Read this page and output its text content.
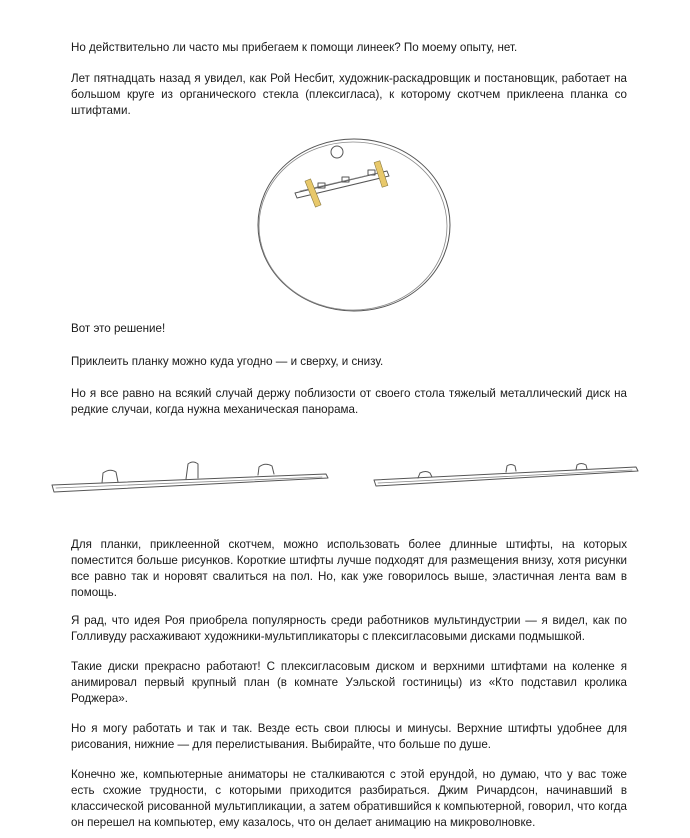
Но действительно ли часто мы прибегаем к помощи линеек? По моему опыту, нет.

Лет пятнадцать назад я увидел, как Рой Несбит, художник-раскадровщик и постановщик, работает на большом круге из органического стекла (плексигласа), к которому скотчем приклеена планка со штифтами.

Вот это решение!

Приклеить планку можно куда угодно — и сверху, и снизу.

Но я все равно на всякий случай держу поблизости от своего стола тяжелый металлический диск на редкие случаи, когда нужна механическая панорама.

Для планки, приклеенной скотчем, можно использовать более длинные штифты, на которых поместится больше рисунков. Короткие штифты лучше подходят для размещения внизу, хотя рисунки все равно так и норовят свалиться на пол. Но, как уже говорилось выше, эластичная лента вам в помощь.

Я рад, что идея Роя приобрела популярность среди работников мультиндустрии — я видел, как по Голливуду расхаживают художники-мультипликаторы с плексигласовыми дисками подмышкой.

Такие диски прекрасно работают! С плексигласовым диском и верхними штифтами на коленке я анимировал первый крупный план (в комнате Уэльской гостиницы) из «Кто подставил кролика Роджера».

Но я могу работать и так и так. Везде есть свои плюсы и минусы. Верхние штифты удобнее для рисования, нижние — для перелистывания. Выбирайте, что больше по душе.

Конечно же, компьютерные аниматоры не сталкиваются с этой ерундой, но думаю, что у вас тоже есть схожие трудности, с которыми приходится разбираться. Джим Ричардсон, начинавший в классической рисованной мультипликации, а затем обратившийся к компьютерной, говорил, что когда он перешел на компьютер, ему казалось, что он делает анимацию на микроволновке.
